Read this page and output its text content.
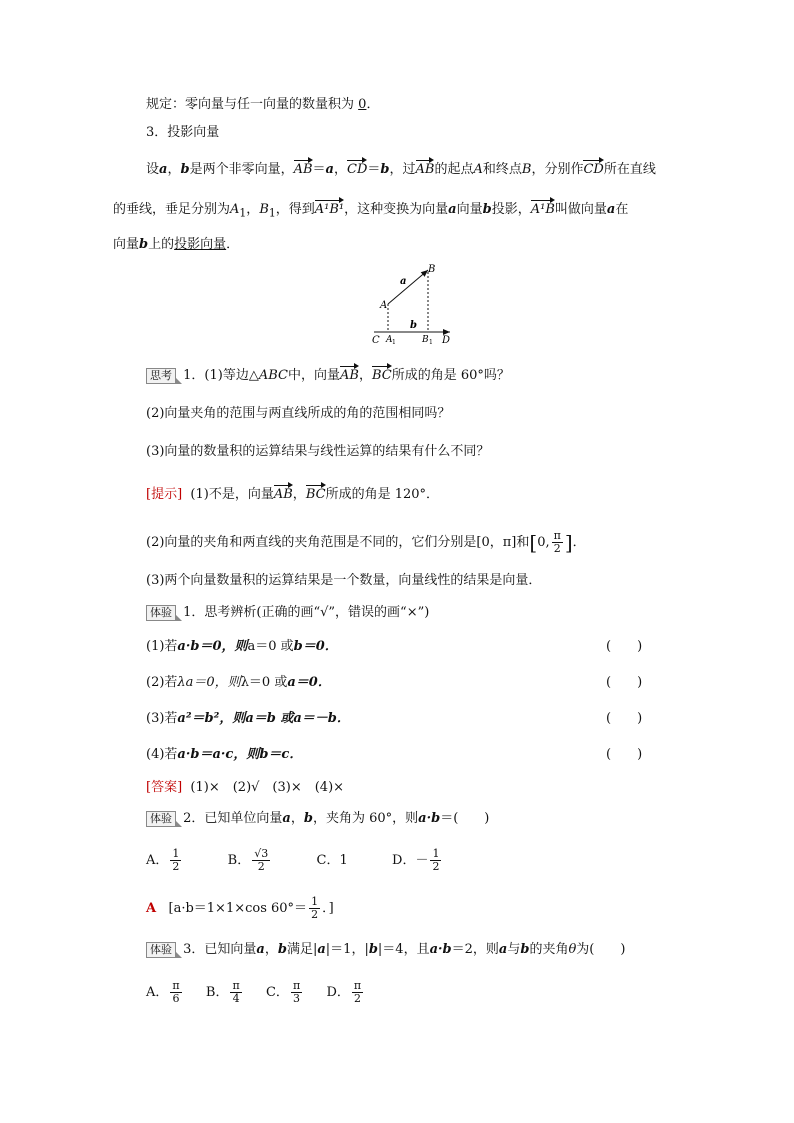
规定：零向量与任一向量的数量积为 0．
3．投影向量
设a，b是两个非零向量，AB＝a，CD＝b，过AB的起点A和终点B，分别作CD所在直线
的垂线，垂足分别为$A_1$，$B_1$，得到A¹B¹，这种变换为向量a向量b投影，A¹B叫做向量a在
向量b上的投影向量．
a
b
A
B
C A 1	B 1 D
思考 1．(1)等边△ABC中，向量AB，BC所成的角是 60°吗？
(2)向量夹角的范围与两直线所成的角的范围相同吗？
(3)向量的数量积的运算结果与线性运算的结果有什么不同？
[提示] (1)不是，向量AB，BC所成的角是 120°．
(2)向量的夹角和两直线的夹角范围是不同的，它们分别是[0，π]和[0, $\frac{\pi}{2}$ ]．
(3)两个向量数量积的运算结果是一个数量，向量线性的结果是向量．
体验 1．思考辨析(正确的画“√”，错误的画“×”)
(1)若a·b＝0，则a＝0 或b＝0．	(　　)
(2)若λa＝0，则λ＝0 或a＝0．	(　　)
(3)若a²＝b²，则a＝b 或a＝－b．	(　　)
(4)若a·b＝a·c，则b＝c．	(　　)
[答案] (1)×　(2)√　(3)×　(4)×
体验 2．已知单位向量a，b，夹角为 60°，则a·b＝(　　)
A． $\frac{1}{2}$	B． $\frac{√3}{2}$	C．1	D．－ $\frac{1}{2}$
A [a·b＝1×1×cos $60^\circ= \frac{1}{2}$ ．]
体验 3．已知向量a，b满足|a|＝1，|b|＝4，且a·b＝2，则a与b的夹角θ为(　　)
A． $\frac{\pi}{6}$ B． $\frac{\pi}{4}$ C． $\frac{\pi}{3}$ D． $\frac{\pi}{2}$
